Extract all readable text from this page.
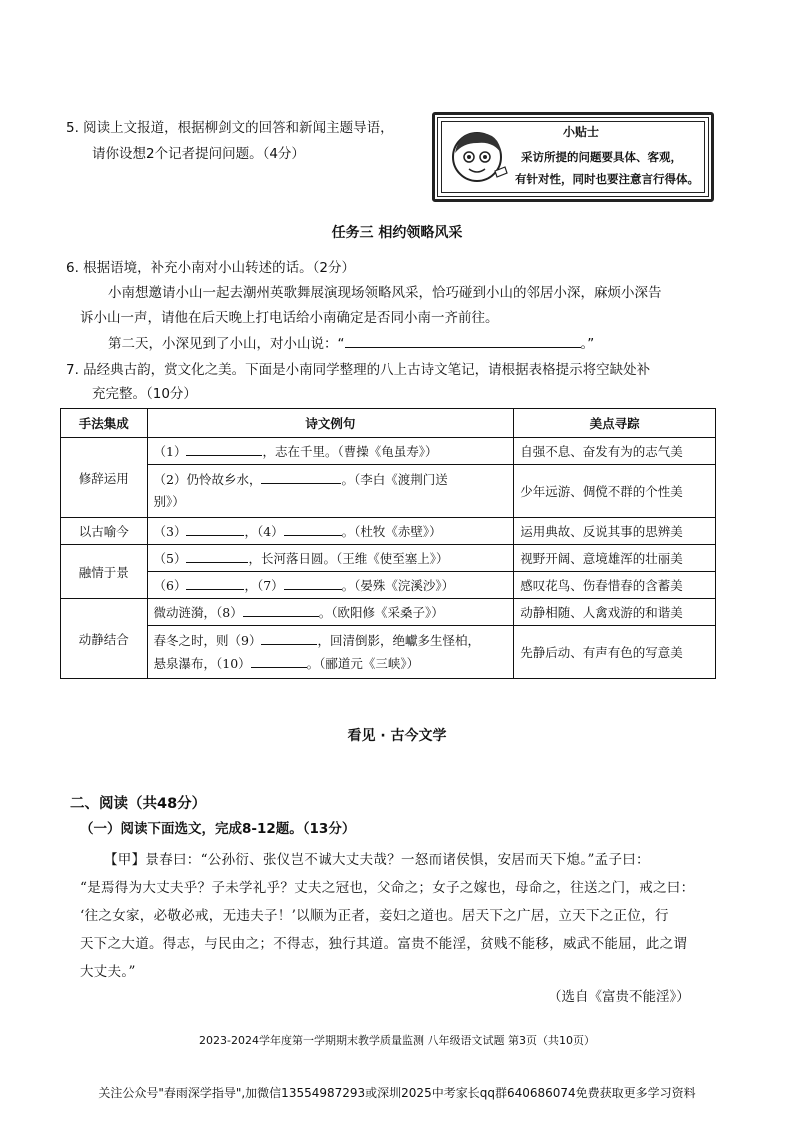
5. 阅读上文报道，根据柳剑文的回答和新闻主题导语，
请你设想2个记者提问问题。（4分）
小贴士
采访所提的问题要具体、客观，
有针对性，同时也要注意言行得体。
任务三 相约领略风采
6. 根据语境，补充小南对小山转述的话。（2分）
小南想邀请小山一起去潮州英歌舞展演现场领略风采，恰巧碰到小山的邻居小深，麻烦小深告
诉小山一声，请他在后天晚上打电话给小南确定是否同小南一齐前往。
第二天，小深见到了小山，对小山说：“	。”
7. 品经典古韵，赏文化之美。下面是小南同学整理的八上古诗文笔记，请根据表格提示将空缺处补
充完整。（10分）
手法集成	诗文例句	美点寻踪
修辞运用	（1） ，志在千里。（曹操《龟虽寿》）	自强不息、奋发有为的志气美
	（2）仍怜故乡水， 。（李白《渡荆门送
别》）	少年远游、倜傥不群的个性美
以古喻今	（3） ，（4） 。（杜牧《赤壁》）	运用典故、反说其事的思辨美
融情于景	（5） ，长河落日圆。（王维《使至塞上》）	视野开阔、意境雄浑的壮丽美
	（6） ，（7） 。（晏殊《浣溪沙》）	感叹花鸟、伤春惜春的含蓄美
动静结合	微动涟漪，（8） 。（欧阳修《采桑子》）	动静相随、人禽戏游的和谐美
	春冬之时，则（9） ，回清倒影，绝巘多生怪柏，
悬泉瀑布，（10） 。（郦道元《三峡》）	先静后动、有声有色的写意美
看见 · 古今文学
二、阅读（共48分）
（一）阅读下面选文，完成8-12题。（13分）
【甲】景春曰：“公孙衍、张仪岂不诚大丈夫哉？一怒而诸侯惧，安居而天下熄。”孟子曰：
“是焉得为大丈夫乎？子未学礼乎？丈夫之冠也，父命之；女子之嫁也，母命之，往送之门，戒之曰：
‘往之女家，必敬必戒，无违夫子！’以顺为正者，妾妇之道也。居天下之广居，立天下之正位，行
天下之大道。得志，与民由之；不得志，独行其道。富贵不能淫，贫贱不能移，威武不能屈，此之谓
大丈夫。”
（选自《富贵不能淫》）
2023-2024学年度第一学期期末教学质量监测 八年级语文试题 第3页（共10页）
关注公众号"春雨深学指导",加微信13554987293或深圳2025中考家长qq群640686074免费获取更多学习资料
